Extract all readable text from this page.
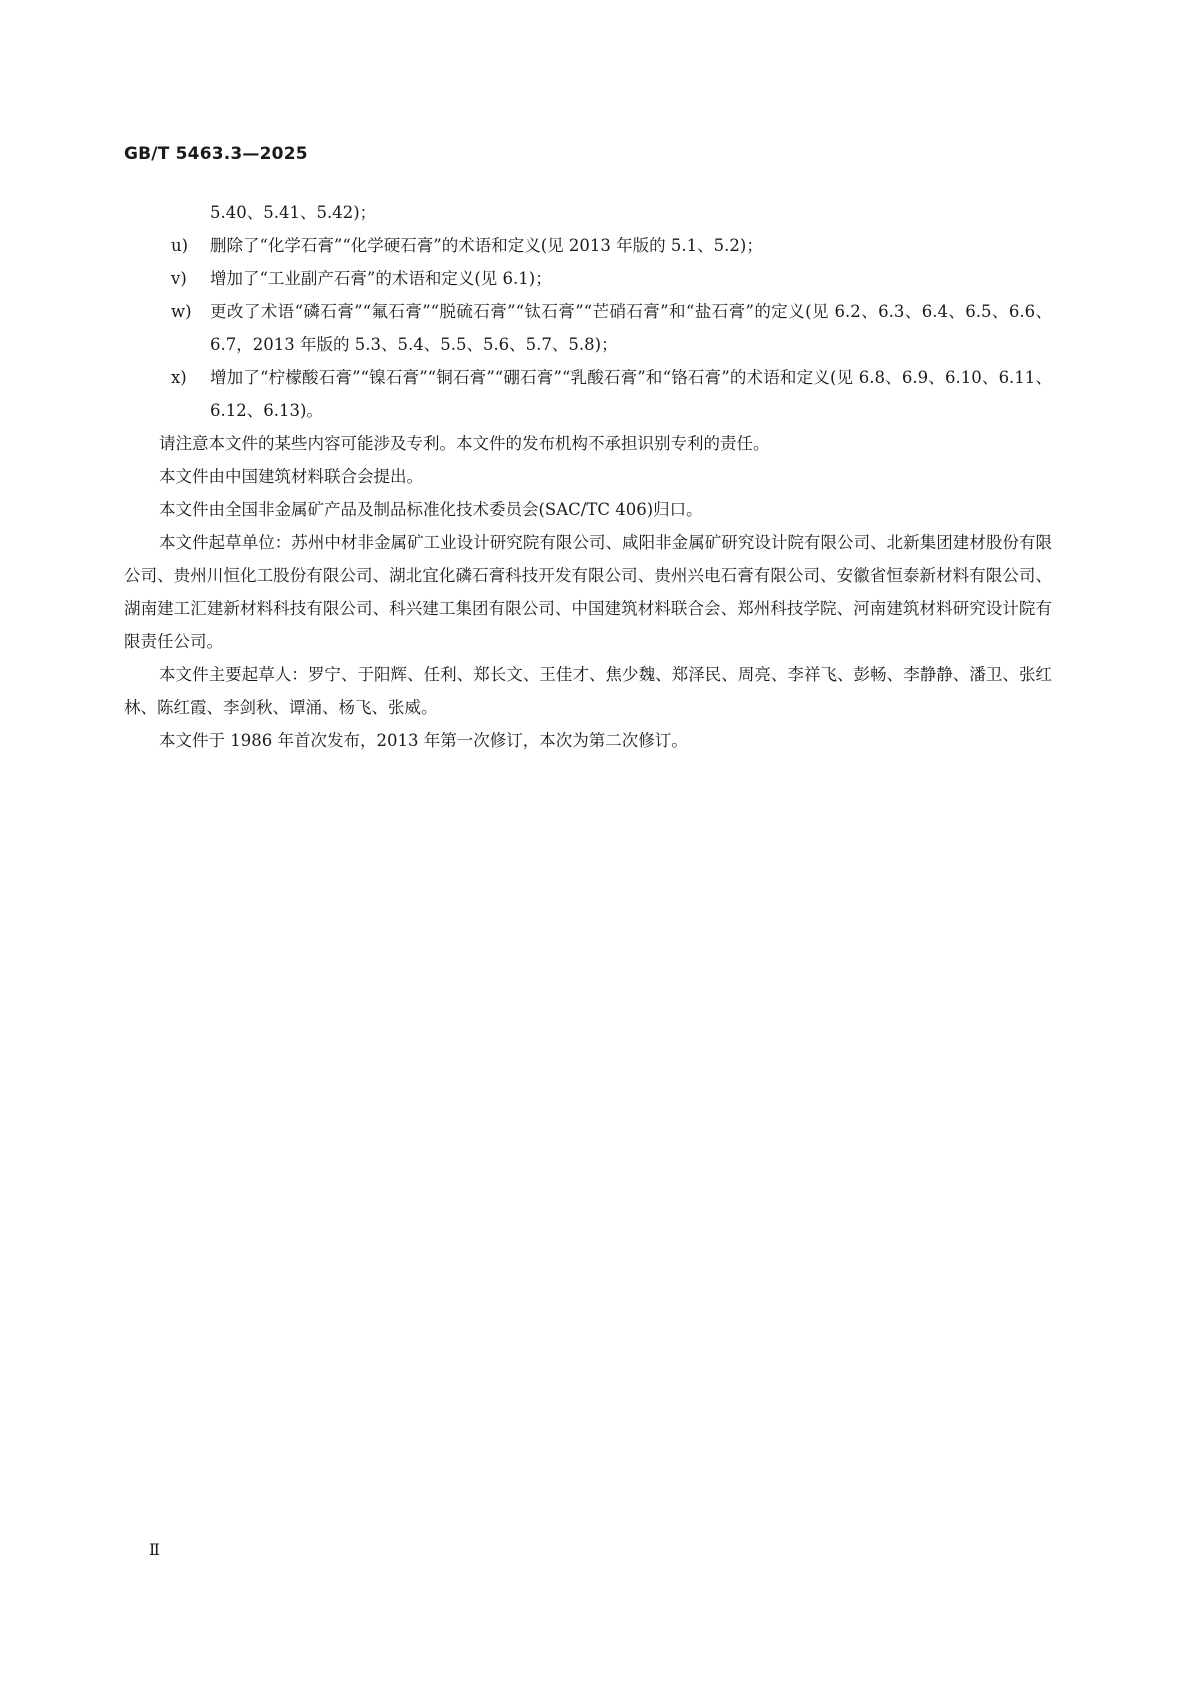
GB/T 5463.3—2025
5.40、5.41、5.42)；
u)	删除了“化学石膏”“化学硬石膏”的术语和定义(见 2013 年版的 5.1、5.2)；
v)	增加了“工业副产石膏”的术语和定义(见 6.1)；
w)	更改了术语“磷石膏”“氟石膏”“脱硫石膏”“钛石膏”“芒硝石膏”和“盐石膏”的定义(见 6.2、6.3、6.4、6.5、6.6、6.7，2013 年版的 5.3、5.4、5.5、5.6、5.7、5.8)；
x)	增加了“柠檬酸石膏”“镍石膏”“铜石膏”“硼石膏”“乳酸石膏”和“铬石膏”的术语和定义(见 6.8、6.9、6.10、6.11、6.12、6.13)。
请注意本文件的某些内容可能涉及专利。本文件的发布机构不承担识别专利的责任。
本文件由中国建筑材料联合会提出。
本文件由全国非金属矿产品及制品标准化技术委员会(SAC/TC 406)归口。
本文件起草单位：苏州中材非金属矿工业设计研究院有限公司、咸阳非金属矿研究设计院有限公司、北新集团建材股份有限公司、贵州川恒化工股份有限公司、湖北宜化磷石膏科技开发有限公司、贵州兴电石膏有限公司、安徽省恒泰新材料有限公司、湖南建工汇建新材料科技有限公司、科兴建工集团有限公司、中国建筑材料联合会、郑州科技学院、河南建筑材料研究设计院有限责任公司。
本文件主要起草人：罗宁、于阳辉、任利、郑长文、王佳才、焦少魏、郑泽民、周亮、李祥飞、彭畅、李静静、潘卫、张红林、陈红霞、李剑秋、谭涌、杨飞、张威。
本文件于 1986 年首次发布，2013 年第一次修订，本次为第二次修订。
Ⅱ
